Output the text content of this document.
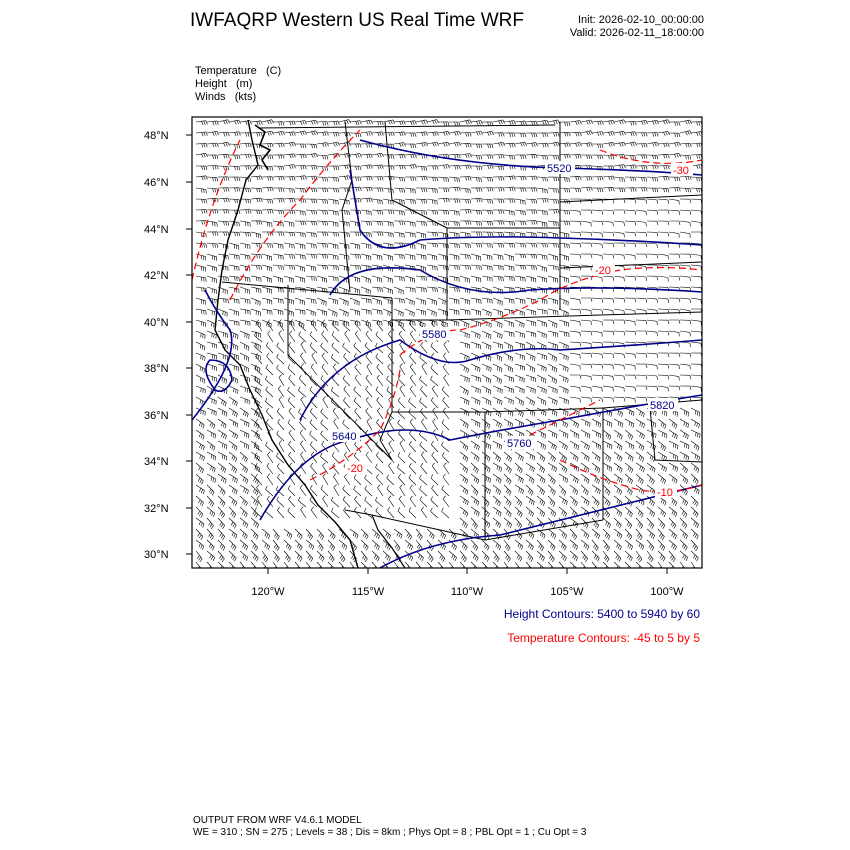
IWFAQRP Western US Real Time WRF	Init: 2026-02-10_00:00:00
Valid: 2026-02-11_18:00:00
Temperature (C)
Height (m)
Winds (kts)
5520
5580
5640
5760
5820
-30
-20
-20
-10
48°N
46°N
44°N
42°N
40°N
38°N
36°N
34°N
32°N
30°N
120°W	115°W	110°W	105°W	100°W
Height Contours: 5400 to 5940 by 60
Temperature Contours: -45 to 5 by 5
OUTPUT FROM WRF V4.6.1 MODEL
WE = 310 ; SN = 275 ; Levels = 38 ; Dis = 8km ; Phys Opt = 8 ; PBL Opt = 1 ; Cu Opt = 3
